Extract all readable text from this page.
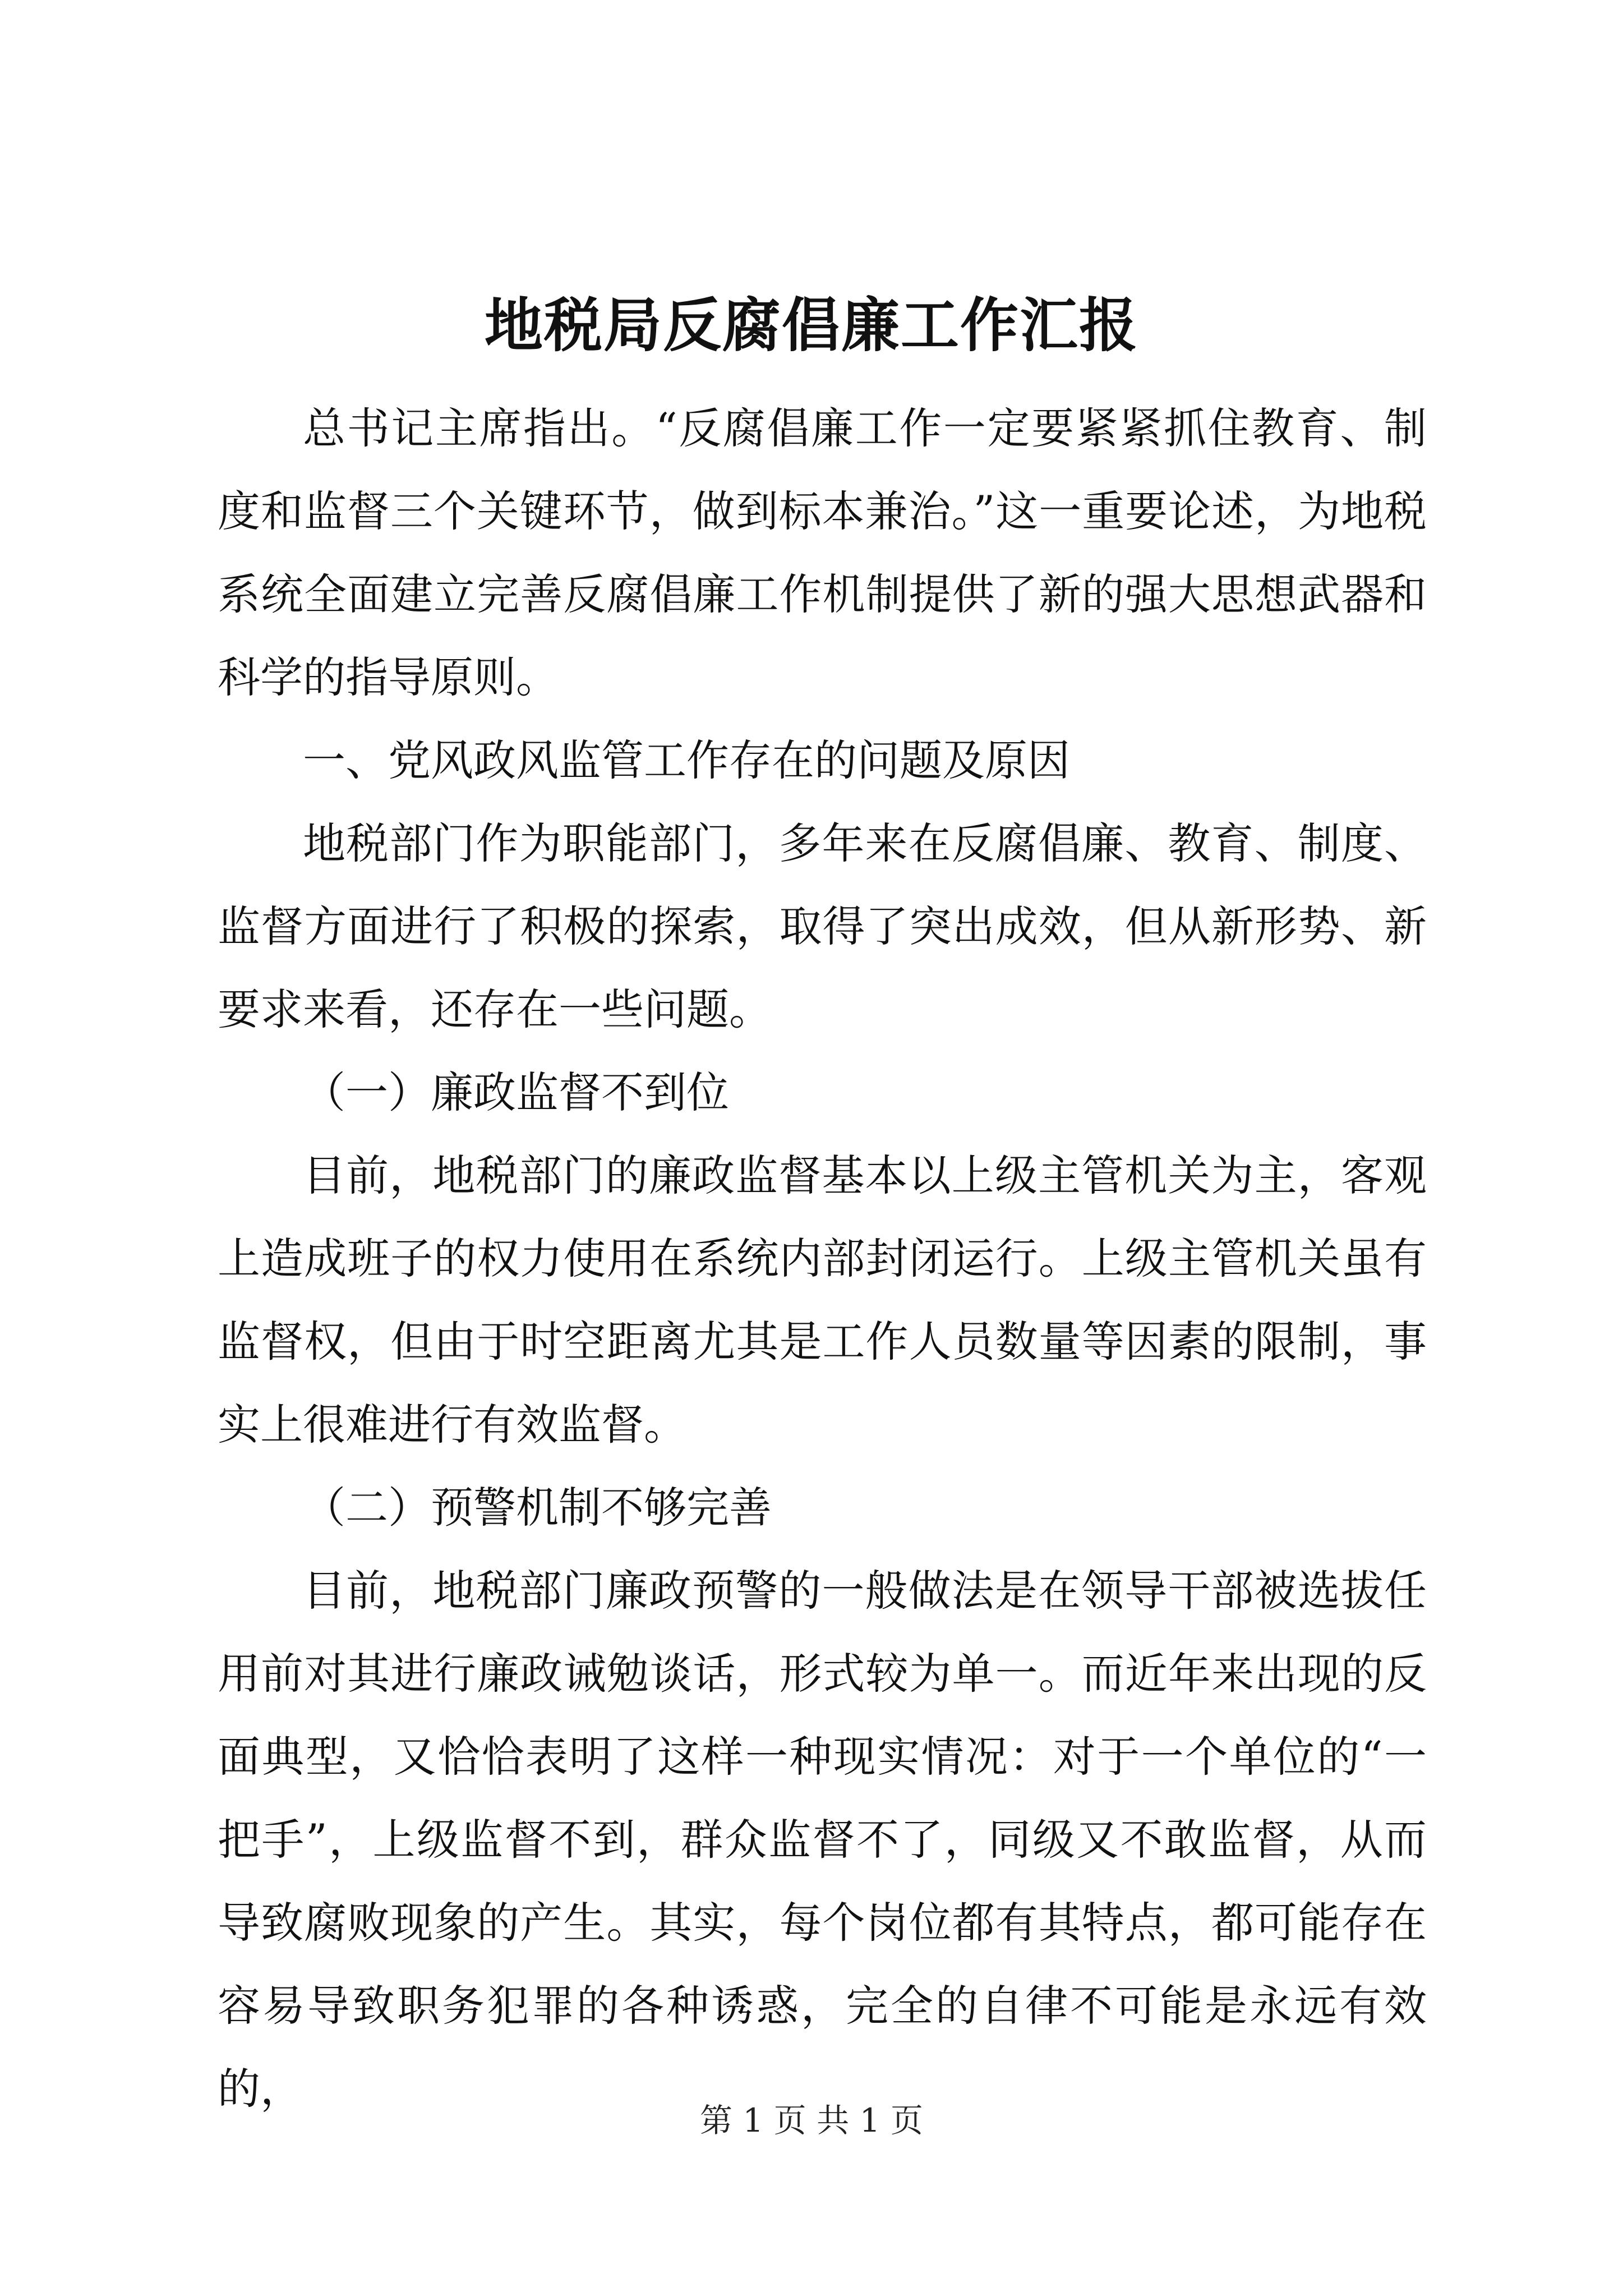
地税局反腐倡廉工作汇报

总书记主席指出。“反腐倡廉工作一定要紧紧抓住教育、制度和监督三个关键环节，做到标本兼治。”这一重要论述，为地税系统全面建立完善反腐倡廉工作机制提供了新的强大思想武器和科学的指导原则。

一、党风政风监管工作存在的问题及原因

地税部门作为职能部门，多年来在反腐倡廉、教育、制度、监督方面进行了积极的探索，取得了突出成效，但从新形势、新要求来看，还存在一些问题。

（一）廉政监督不到位

目前，地税部门的廉政监督基本以上级主管机关为主，客观上造成班子的权力使用在系统内部封闭运行。上级主管机关虽有监督权，但由于时空距离尤其是工作人员数量等因素的限制，事实上很难进行有效监督。

（二）预警机制不够完善

目前，地税部门廉政预警的一般做法是在领导干部被选拔任用前对其进行廉政诫勉谈话，形式较为单一。而近年来出现的反面典型，又恰恰表明了这样一种现实情况：对于一个单位的“一把手”，上级监督不到，群众监督不了，同级又不敢监督，从而导致腐败现象的产生。其实，每个岗位都有其特点，都可能存在容易导致职务犯罪的各种诱惑，完全的自律不可能是永远有效的，

第 1 页 共 1 页
